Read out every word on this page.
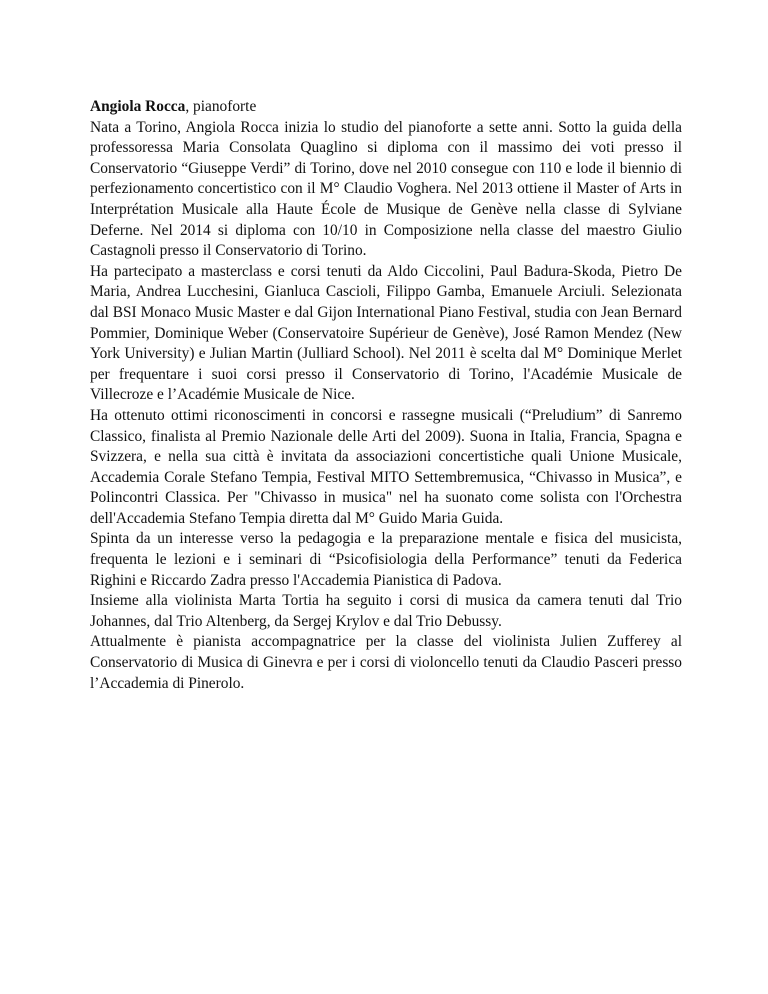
Angiola Rocca, pianoforte

Nata a Torino, Angiola Rocca inizia lo studio del pianoforte a sette anni. Sotto la guida della professoressa Maria Consolata Quaglino si diploma con il massimo dei voti presso il Conservatorio “Giuseppe Verdi” di Torino, dove nel 2010 consegue con 110 e lode il biennio di perfezionamento concertistico con il M° Claudio Voghera. Nel 2013 ottiene il Master of Arts in Interprétation Musicale alla Haute École de Musique de Genève nella classe di Sylviane Deferne. Nel 2014 si diploma con 10/10 in Composizione nella classe del maestro Giulio Castagnoli presso il Conservatorio di Torino.

Ha partecipato a masterclass e corsi tenuti da Aldo Ciccolini, Paul Badura-Skoda, Pietro De Maria, Andrea Lucchesini, Gianluca Cascioli, Filippo Gamba, Emanuele Arciuli. Selezionata dal BSI Monaco Music Master e dal Gijon International Piano Festival, studia con Jean Bernard Pommier, Dominique Weber (Conservatoire Supérieur de Genève), José Ramon Mendez (New York University) e Julian Martin (Julliard School). Nel 2011 è scelta dal M° Dominique Merlet per frequentare i suoi corsi presso il Conservatorio di Torino, l'Académie Musicale de Villecroze e l’Académie Musicale de Nice.

Ha ottenuto ottimi riconoscimenti in concorsi e rassegne musicali (“Preludium” di Sanremo Classico, finalista al Premio Nazionale delle Arti del 2009). Suona in Italia, Francia, Spagna e Svizzera, e nella sua città è invitata da associazioni concertistiche quali Unione Musicale, Accademia Corale Stefano Tempia, Festival MITO Settembremusica, “Chivasso in Musica”, e Polincontri Classica. Per "Chivasso in musica" nel ha suonato come solista con l'Orchestra dell'Accademia Stefano Tempia diretta dal M° Guido Maria Guida.

Spinta da un interesse verso la pedagogia e la preparazione mentale e fisica del musicista, frequenta le lezioni e i seminari di “Psicofisiologia della Performance” tenuti da Federica Righini e Riccardo Zadra presso l'Accademia Pianistica di Padova.

Insieme alla violinista Marta Tortia ha seguito i corsi di musica da camera tenuti dal Trio Johannes, dal Trio Altenberg, da Sergej Krylov e dal Trio Debussy.

Attualmente è pianista accompagnatrice per la classe del violinista Julien Zufferey al Conservatorio di Musica di Ginevra e per i corsi di violoncello tenuti da Claudio Pasceri presso l’Accademia di Pinerolo.
